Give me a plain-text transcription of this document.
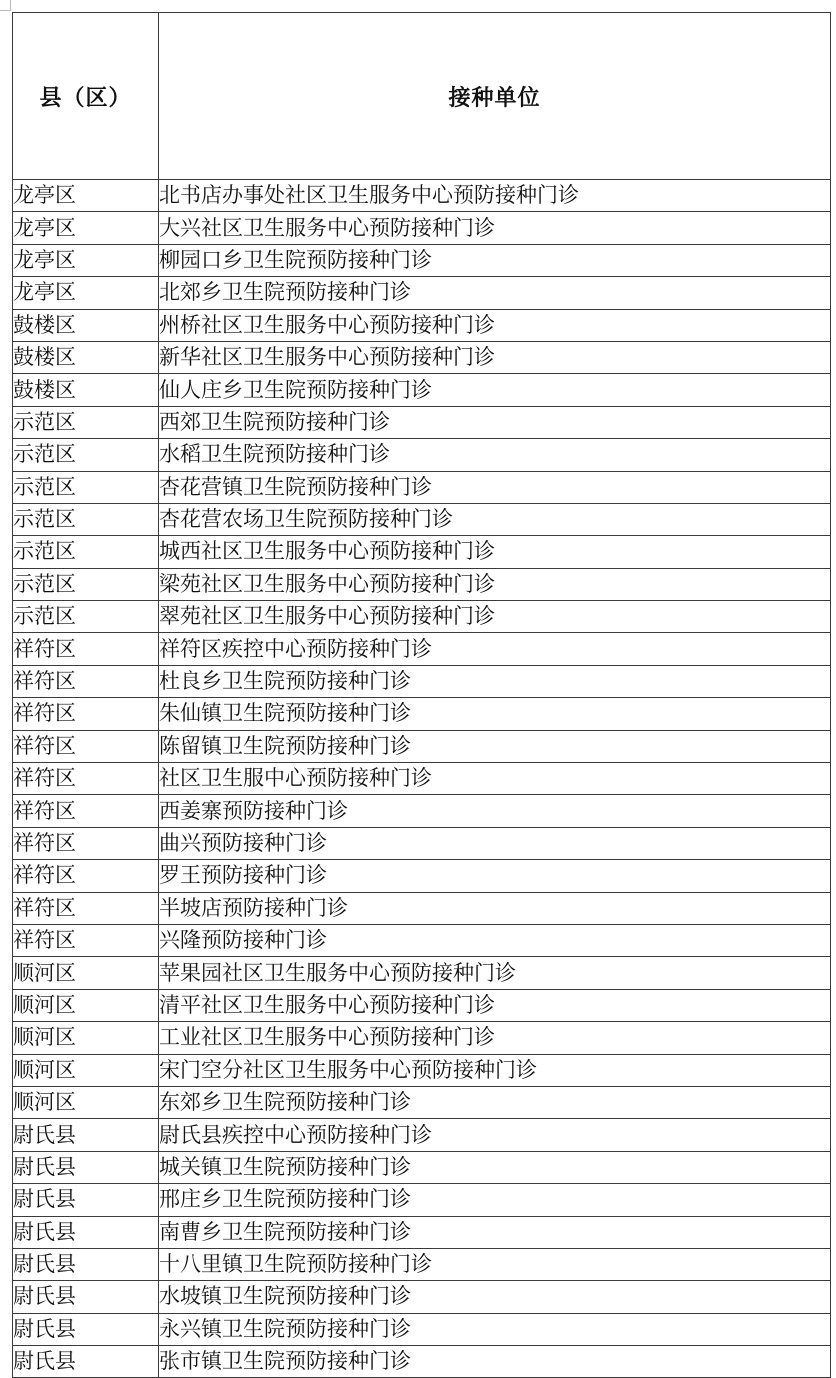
县（区）	接种单位
龙亭区	北书店办事处社区卫生服务中心预防接种门诊
龙亭区	大兴社区卫生服务中心预防接种门诊
龙亭区	柳园口乡卫生院预防接种门诊
龙亭区	北郊乡卫生院预防接种门诊
鼓楼区	州桥社区卫生服务中心预防接种门诊
鼓楼区	新华社区卫生服务中心预防接种门诊
鼓楼区	仙人庄乡卫生院预防接种门诊
示范区	西郊卫生院预防接种门诊
示范区	水稻卫生院预防接种门诊
示范区	杏花营镇卫生院预防接种门诊
示范区	杏花营农场卫生院预防接种门诊
示范区	城西社区卫生服务中心预防接种门诊
示范区	梁苑社区卫生服务中心预防接种门诊
示范区	翠苑社区卫生服务中心预防接种门诊
祥符区	祥符区疾控中心预防接种门诊
祥符区	杜良乡卫生院预防接种门诊
祥符区	朱仙镇卫生院预防接种门诊
祥符区	陈留镇卫生院预防接种门诊
祥符区	社区卫生服中心预防接种门诊
祥符区	西姜寨预防接种门诊
祥符区	曲兴预防接种门诊
祥符区	罗王预防接种门诊
祥符区	半坡店预防接种门诊
祥符区	兴隆预防接种门诊
顺河区	苹果园社区卫生服务中心预防接种门诊
顺河区	清平社区卫生服务中心预防接种门诊
顺河区	工业社区卫生服务中心预防接种门诊
顺河区	宋门空分社区卫生服务中心预防接种门诊
顺河区	东郊乡卫生院预防接种门诊
尉氏县	尉氏县疾控中心预防接种门诊
尉氏县	城关镇卫生院预防接种门诊
尉氏县	邢庄乡卫生院预防接种门诊
尉氏县	南曹乡卫生院预防接种门诊
尉氏县	十八里镇卫生院预防接种门诊
尉氏县	水坡镇卫生院预防接种门诊
尉氏县	永兴镇卫生院预防接种门诊
尉氏县	张市镇卫生院预防接种门诊
